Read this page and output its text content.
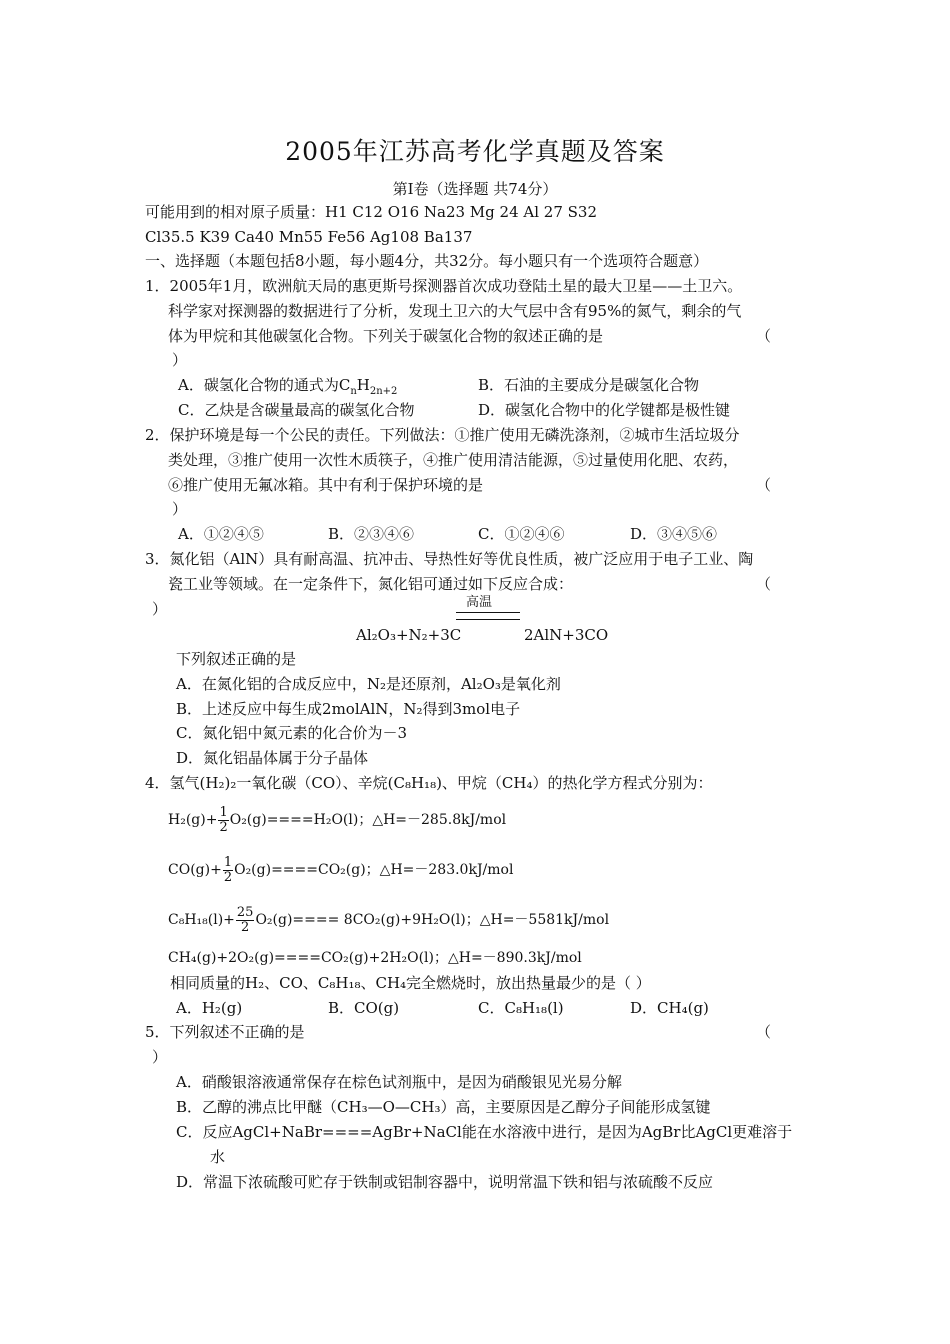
2005年江苏高考化学真题及答案
第Ⅰ卷（选择题 共74分）
可能用到的相对原子质量：H1 C12 O16 Na23 Mg 24 Al 27 S32
Cl35.5 K39 Ca40 Mn55 Fe56 Ag108 Ba137
一、选择题（本题包括8小题，每小题4分，共32分。每小题只有一个选项符合题意）
1．2005年1月，欧洲航天局的惠更斯号探测器首次成功登陆土星的最大卫星——土卫六。
科学家对探测器的数据进行了分析，发现土卫六的大气层中含有95%的氮气，剩余的气
体为甲烷和其他碳氢化合物。下列关于碳氢化合物的叙述正确的是	（
）
A．碳氢化合物的通式为$C_nH_{2n+2}$	B．石油的主要成分是碳氢化合物
C．乙炔是含碳量最高的碳氢化合物	D．碳氢化合物中的化学键都是极性键
2．保护环境是每一个公民的责任。下列做法：①推广使用无磷洗涤剂，②城市生活垃圾分
类处理，③推广使用一次性木质筷子，④推广使用清洁能源，⑤过量使用化肥、农药，
⑥推广使用无氟冰箱。其中有利于保护环境的是	（
）
A．①②④⑤	B．②③④⑥	C．①②④⑥	D．③④⑤⑥
3．氮化铝（AlN）具有耐高温、抗冲击、导热性好等优良性质，被广泛应用于电子工业、陶
瓷工业等领域。在一定条件下，氮化铝可通过如下反应合成：	（
）	高温
Al₂O₃+N₂+3C	2AlN+3CO
下列叙述正确的是
A．在氮化铝的合成反应中，N₂是还原剂，Al₂O₃是氧化剂
B．上述反应中每生成2molAlN，N₂得到3mol电子
C．氮化铝中氮元素的化合价为－3
D．氮化铝晶体属于分子晶体
4．氢气(H₂)₂一氧化碳（CO）、辛烷(C₈H₁₈)、甲烷（CH₄）的热化学方程式分别为：
$H_2(g)+ \frac{1}{2} O_2(g)====H_2O(l)$；△H=－285.8kJ/mol
$CO(g)+ \frac{1}{2} O_2(g)====CO_2(g)$；△H=－283.0kJ/mol
$C_8H_{18}(l)+ \frac{25}{2} O_2(g)==== 8CO_2(g)+9H_2O(l)$；△H=－5581kJ/mol
CH₄(g)+2O₂(g)====CO₂(g)+2H₂O(l)；△H=－890.3kJ/mol
相同质量的H₂、CO、C₈H₁₈、CH₄完全燃烧时，放出热量最少的是（ ）
A．H₂(g)	B．CO(g)	C．C₈H₁₈(l)	D．CH₄(g)
5．下列叙述不正确的是	（
）
A．硝酸银溶液通常保存在棕色试剂瓶中，是因为硝酸银见光易分解
B．乙醇的沸点比甲醚（CH₃—O—CH₃）高，主要原因是乙醇分子间能形成氢键
C．反应AgCl+NaBr====AgBr+NaCl能在水溶液中进行，是因为AgBr比AgCl更难溶于
水
D．常温下浓硫酸可贮存于铁制或铝制容器中，说明常温下铁和铝与浓硫酸不反应
